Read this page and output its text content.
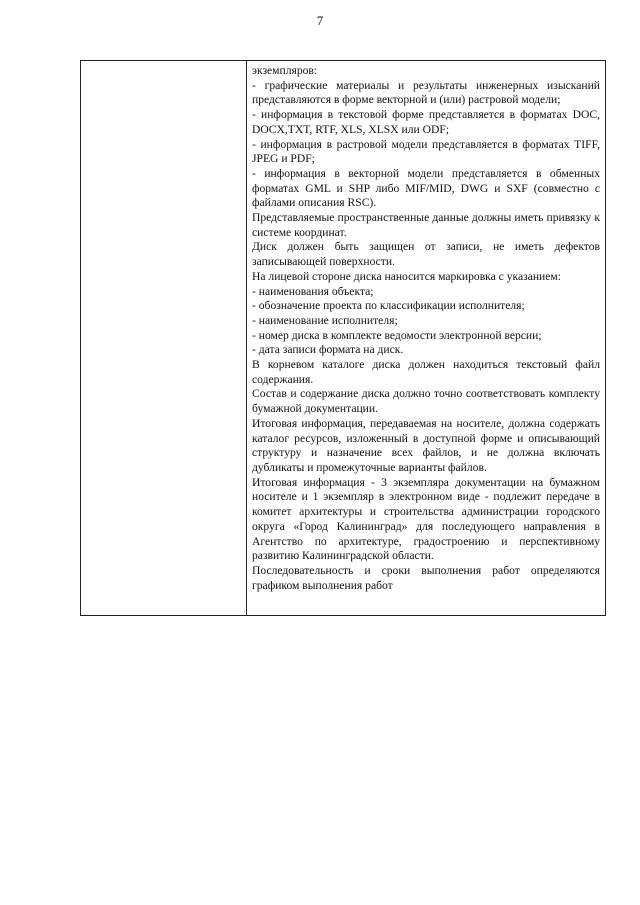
7
экземпляров:
- графические материалы и результаты инженерных изысканий представляются в форме векторной и (или) растровой модели;
- информация в текстовой форме представляется в форматах DOC, DOCX,TXT, RTF, XLS, XLSX или ODF;
- информация в растровой модели представляется в форматах TIFF, JPEG и PDF;
- информация в векторной модели представляется в обменных форматах GML и SHP либо MIF/MID, DWG и SXF (совместно с файлами описания RSC).
Представляемые пространственные данные должны иметь привязку к системе координат.
Диск должен быть защищен от записи, не иметь дефектов записывающей поверхности.
На лицевой стороне диска наносится маркировка с указанием:
- наименования объекта;
- обозначение проекта по классификации исполнителя;
- наименование исполнителя;
- номер диска в комплекте ведомости электронной версии;
- дата записи формата на диск.
В корневом каталоге диска должен находиться текстовый файл содержания.
Состав и содержание диска должно точно соответствовать комплекту бумажной документации.
Итоговая информация, передаваемая на носителе, должна содержать каталог ресурсов, изложенный в доступной форме и описывающий структуру и назначение всех файлов, и не должна включать дубликаты и промежуточные варианты файлов.
Итоговая информация - 3 экземпляра документации на бумажном носителе и 1 экземпляр в электронном виде - подлежит передаче в комитет архитектуры и строительства администрации городского округа «Город Калининград» для последующего направления в Агентство по архитектуре, градостроению и перспективному развитию Калининградской области.
Последовательность и сроки выполнения работ определяются графиком выполнения работ
